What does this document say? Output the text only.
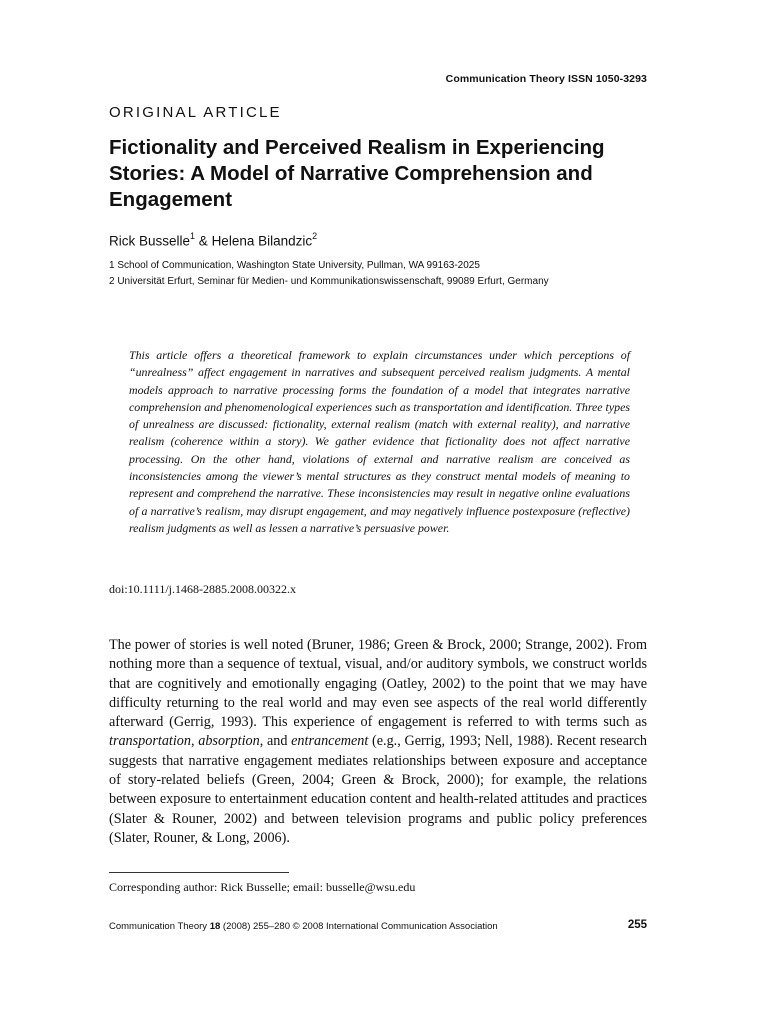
Communication Theory ISSN 1050-3293
ORIGINAL ARTICLE
Fictionality and Perceived Realism in Experiencing Stories: A Model of Narrative Comprehension and Engagement
Rick Busselle$^1$ & Helena Bilandzic$^2$
1 School of Communication, Washington State University, Pullman, WA 99163-2025
2 Universität Erfurt, Seminar für Medien- und Kommunikationswissenschaft, 99089 Erfurt, Germany

This article offers a theoretical framework to explain circumstances under which perceptions of “unrealness” affect engagement in narratives and subsequent perceived realism judgments. A mental models approach to narrative processing forms the foundation of a model that integrates narrative comprehension and phenomenological experiences such as transportation and identification. Three types of unrealness are discussed: fictionality, external realism (match with external reality), and narrative realism (coherence within a story). We gather evidence that fictionality does not affect narrative processing. On the other hand, violations of external and narrative realism are conceived as inconsistencies among the viewer’s mental structures as they construct mental models of meaning to represent and comprehend the narrative. These inconsistencies may result in negative online evaluations of a narrative’s realism, may disrupt engagement, and may negatively influence postexposure (reflective) realism judgments as well as lessen a narrative’s persuasive power.

doi:10.1111/j.1468-2885.2008.00322.x

The power of stories is well noted (Bruner, 1986; Green & Brock, 2000; Strange, 2002). From nothing more than a sequence of textual, visual, and/or auditory symbols, we construct worlds that are cognitively and emotionally engaging (Oatley, 2002) to the point that we may have difficulty returning to the real world and may even see aspects of the real world differently afterward (Gerrig, 1993). This experience of engagement is referred to with terms such as transportation, absorption, and entrancement (e.g., Gerrig, 1993; Nell, 1988). Recent research suggests that narrative engagement mediates relationships between exposure and acceptance of story-related beliefs (Green, 2004; Green & Brock, 2000); for example, the relations between exposure to entertainment education content and health-related attitudes and practices (Slater & Rouner, 2002) and between television programs and public policy preferences (Slater, Rouner, & Long, 2006).

Corresponding author: Rick Busselle; email: busselle@wsu.edu
Communication Theory 18 (2008) 255–280 © 2008 International Communication Association	255
